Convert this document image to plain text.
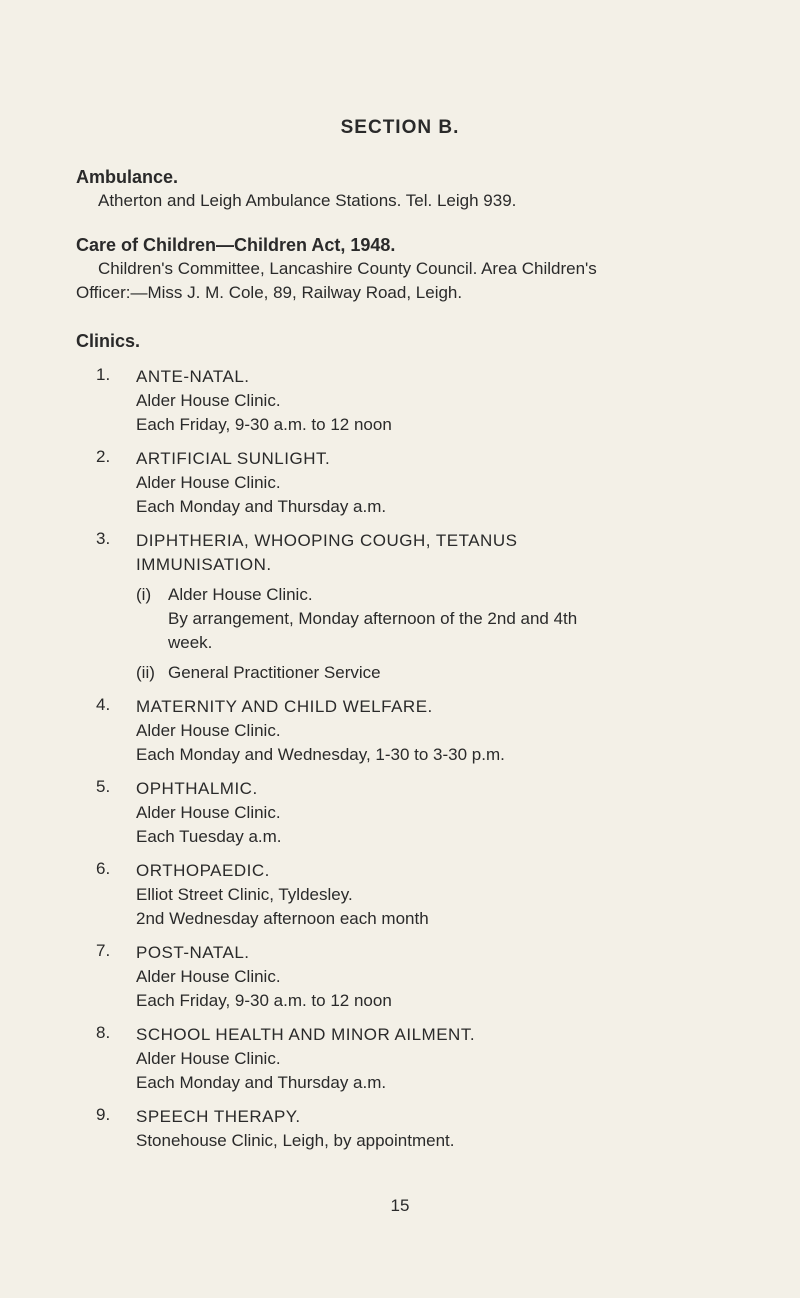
SECTION B.
Ambulance.
Atherton and Leigh Ambulance Stations. Tel. Leigh 939.
Care of Children—Children Act, 1948.
Children's Committee, Lancashire County Council. Area Children's
Officer:—Miss J. M. Cole, 89, Railway Road, Leigh.
Clinics.
1.	ANTE-NATAL.
Alder House Clinic.
Each Friday, 9-30 a.m. to 12 noon
2.	ARTIFICIAL SUNLIGHT.
Alder House Clinic.
Each Monday and Thursday a.m.
3.	DIPHTHERIA, WHOOPING COUGH, TETANUS
IMMUNISATION.
(i) Alder House Clinic.
By arrangement, Monday afternoon of the 2nd and 4th
week.
(ii) General Practitioner Service
4.	MATERNITY AND CHILD WELFARE.
Alder House Clinic.
Each Monday and Wednesday, 1-30 to 3-30 p.m.
5.	OPHTHALMIC.
Alder House Clinic.
Each Tuesday a.m.
6.	ORTHOPAEDIC.
Elliot Street Clinic, Tyldesley.
2nd Wednesday afternoon each month
7.	POST-NATAL.
Alder House Clinic.
Each Friday, 9-30 a.m. to 12 noon
8.	SCHOOL HEALTH AND MINOR AILMENT.
Alder House Clinic.
Each Monday and Thursday a.m.
9.	SPEECH THERAPY.
Stonehouse Clinic, Leigh, by appointment.
15
